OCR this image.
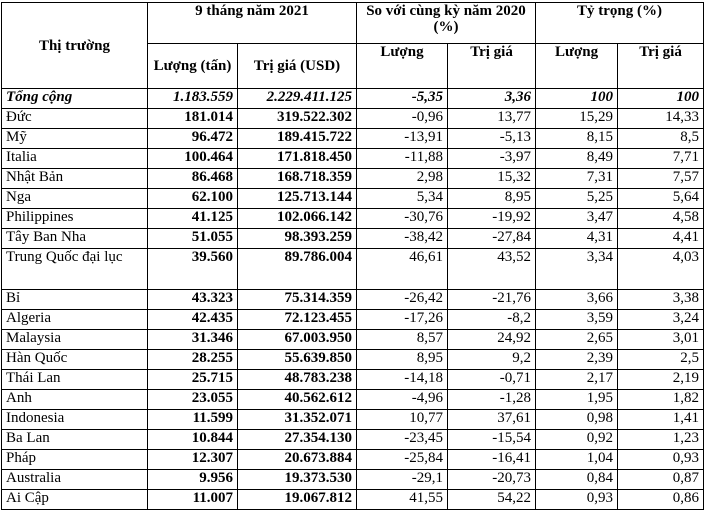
Thị trường	9 tháng năm 2021		So với cùng kỳ năm 2020 (%)		Tỷ trọng (%)	
	Lượng (tấn)	Trị giá (USD)	Lượng	Trị giá	Lượng	Trị giá
Tổng cộng	1.183.559	2.229.411.125	-5,35	3,36	100	100
Đức	181.014	319.522.302	-0,96	13,77	15,29	14,33
Mỹ	96.472	189.415.722	-13,91	-5,13	8,15	8,5
Italia	100.464	171.818.450	-11,88	-3,97	8,49	7,71
Nhật Bản	86.468	168.718.359	2,98	15,32	7,31	7,57
Nga	62.100	125.713.144	5,34	8,95	5,25	5,64
Philippines	41.125	102.066.142	-30,76	-19,92	3,47	4,58
Tây Ban Nha	51.055	98.393.259	-38,42	-27,84	4,31	4,41
Trung Quốc đại lục	39.560	89.786.004	46,61	43,52	3,34	4,03
Bỉ	43.323	75.314.359	-26,42	-21,76	3,66	3,38
Algeria	42.435	72.123.455	-17,26	-8,2	3,59	3,24
Malaysia	31.346	67.003.950	8,57	24,92	2,65	3,01
Hàn Quốc	28.255	55.639.850	8,95	9,2	2,39	2,5
Thái Lan	25.715	48.783.238	-14,18	-0,71	2,17	2,19
Anh	23.055	40.562.612	-4,96	-1,28	1,95	1,82
Indonesia	11.599	31.352.071	10,77	37,61	0,98	1,41
Ba Lan	10.844	27.354.130	-23,45	-15,54	0,92	1,23
Pháp	12.307	20.673.884	-25,84	-16,41	1,04	0,93
Australia	9.956	19.373.530	-29,1	-20,73	0,84	0,87
Ai Cập	11.007	19.067.812	41,55	54,22	0,93	0,86
